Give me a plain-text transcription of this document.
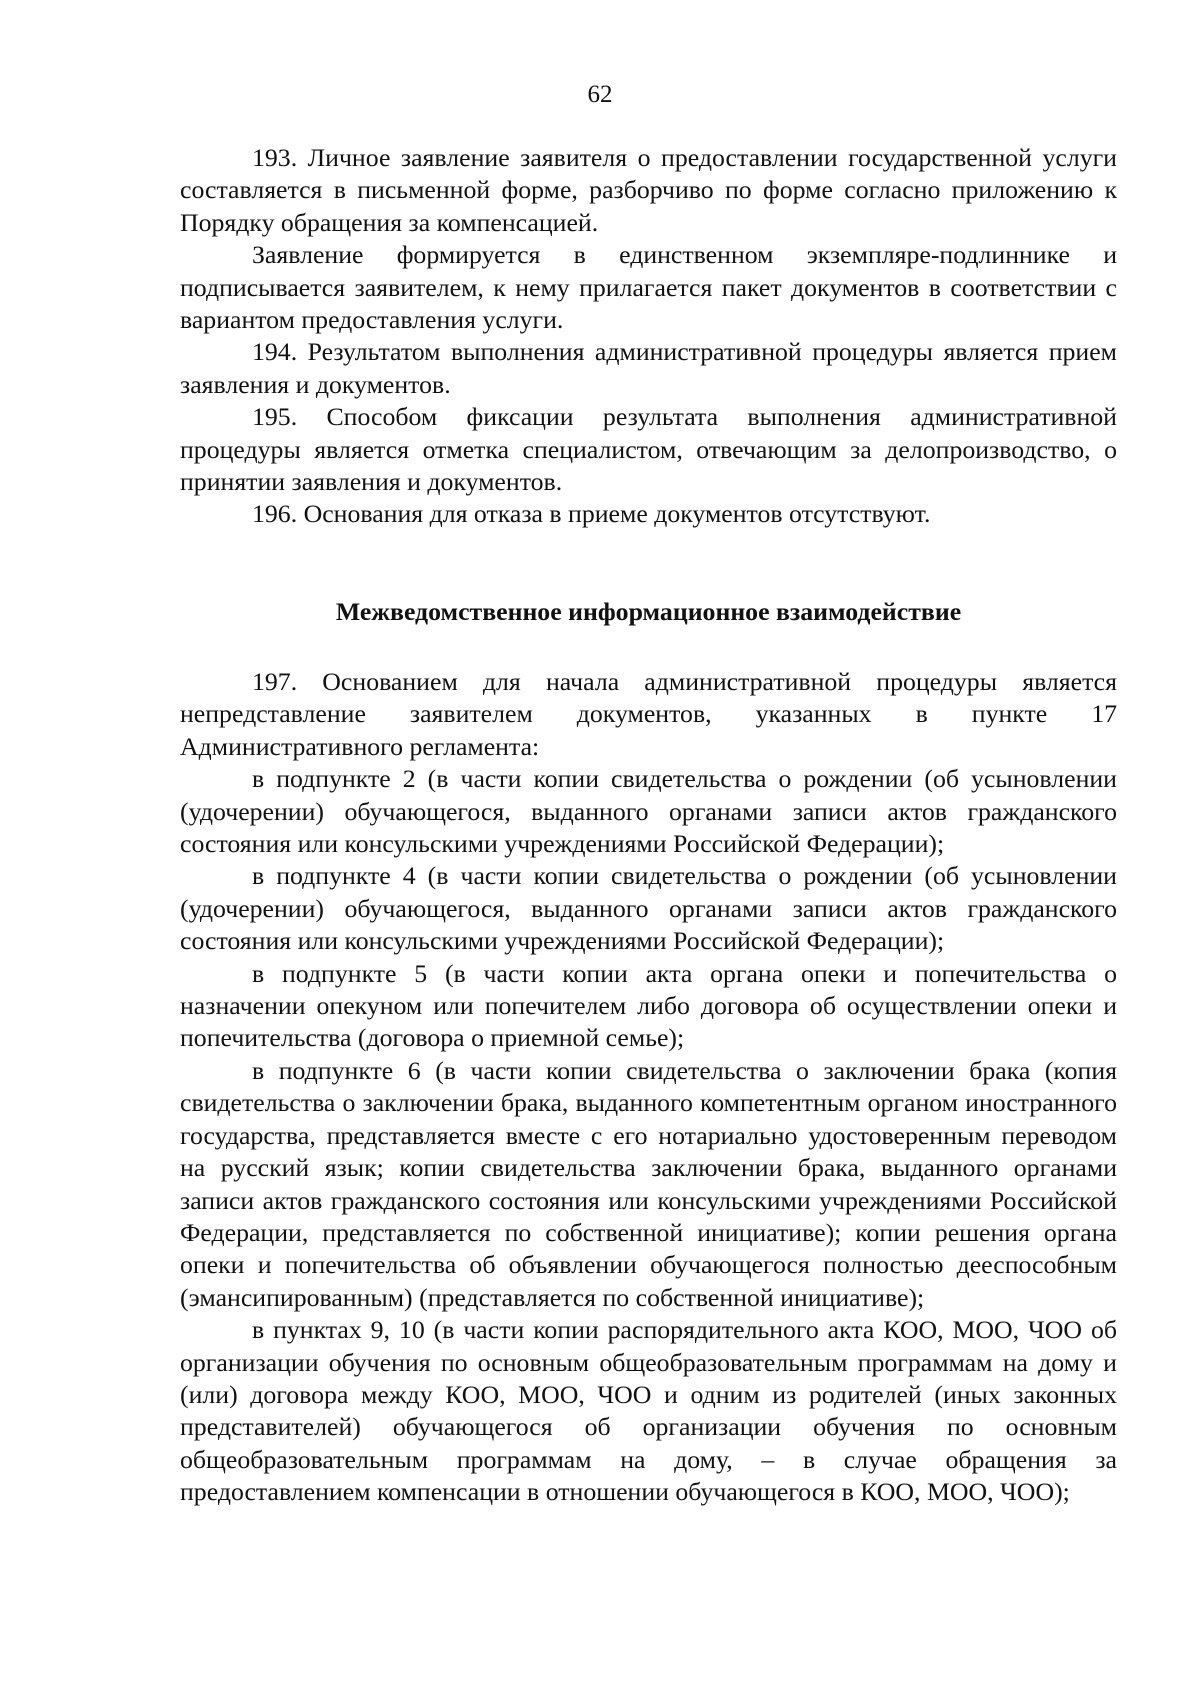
62

193. Личное заявление заявителя о предоставлении государственной услуги составляется в письменной форме, разборчиво по форме согласно приложению к Порядку обращения за компенсацией.

Заявление формируется в единственном экземпляре-подлиннике и подписывается заявителем, к нему прилагается пакет документов в соответствии с вариантом предоставления услуги.

194. Результатом выполнения административной процедуры является прием заявления и документов.

195. Способом фиксации результата выполнения административной процедуры является отметка специалистом, отвечающим за делопроизводство, о принятии заявления и документов.

196. Основания для отказа в приеме документов отсутствуют.

Межведомственное информационное взаимодействие

197. Основанием для начала административной процедуры является непредставление заявителем документов, указанных в пункте 17 Административного регламента:

в подпункте 2 (в части копии свидетельства о рождении (об усыновлении (удочерении) обучающегося, выданного органами записи актов гражданского состояния или консульскими учреждениями Российской Федерации);

в подпункте 4 (в части копии свидетельства о рождении (об усыновлении (удочерении) обучающегося, выданного органами записи актов гражданского состояния или консульскими учреждениями Российской Федерации);

в подпункте 5 (в части копии акта органа опеки и попечительства о назначении опекуном или попечителем либо договора об осуществлении опеки и попечительства (договора о приемной семье);

в подпункте 6 (в части копии свидетельства о заключении брака (копия свидетельства о заключении брака, выданного компетентным органом иностранного государства, представляется вместе с его нотариально удостоверенным переводом на русский язык; копии свидетельства заключении брака, выданного органами записи актов гражданского состояния или консульскими учреждениями Российской Федерации, представляется по собственной инициативе); копии решения органа опеки и попечительства об объявлении обучающегося полностью дееспособным (эмансипированным) (представляется по собственной инициативе);

в пунктах 9, 10 (в части копии распорядительного акта КОО, МОО, ЧОО об организации обучения по основным общеобразовательным программам на дому и (или) договора между КОО, МОО, ЧОО и одним из родителей (иных законных представителей) обучающегося об организации обучения по основным общеобразовательным программам на дому, – в случае обращения за предоставлением компенсации в отношении обучающегося в КОО, МОО, ЧОО);
